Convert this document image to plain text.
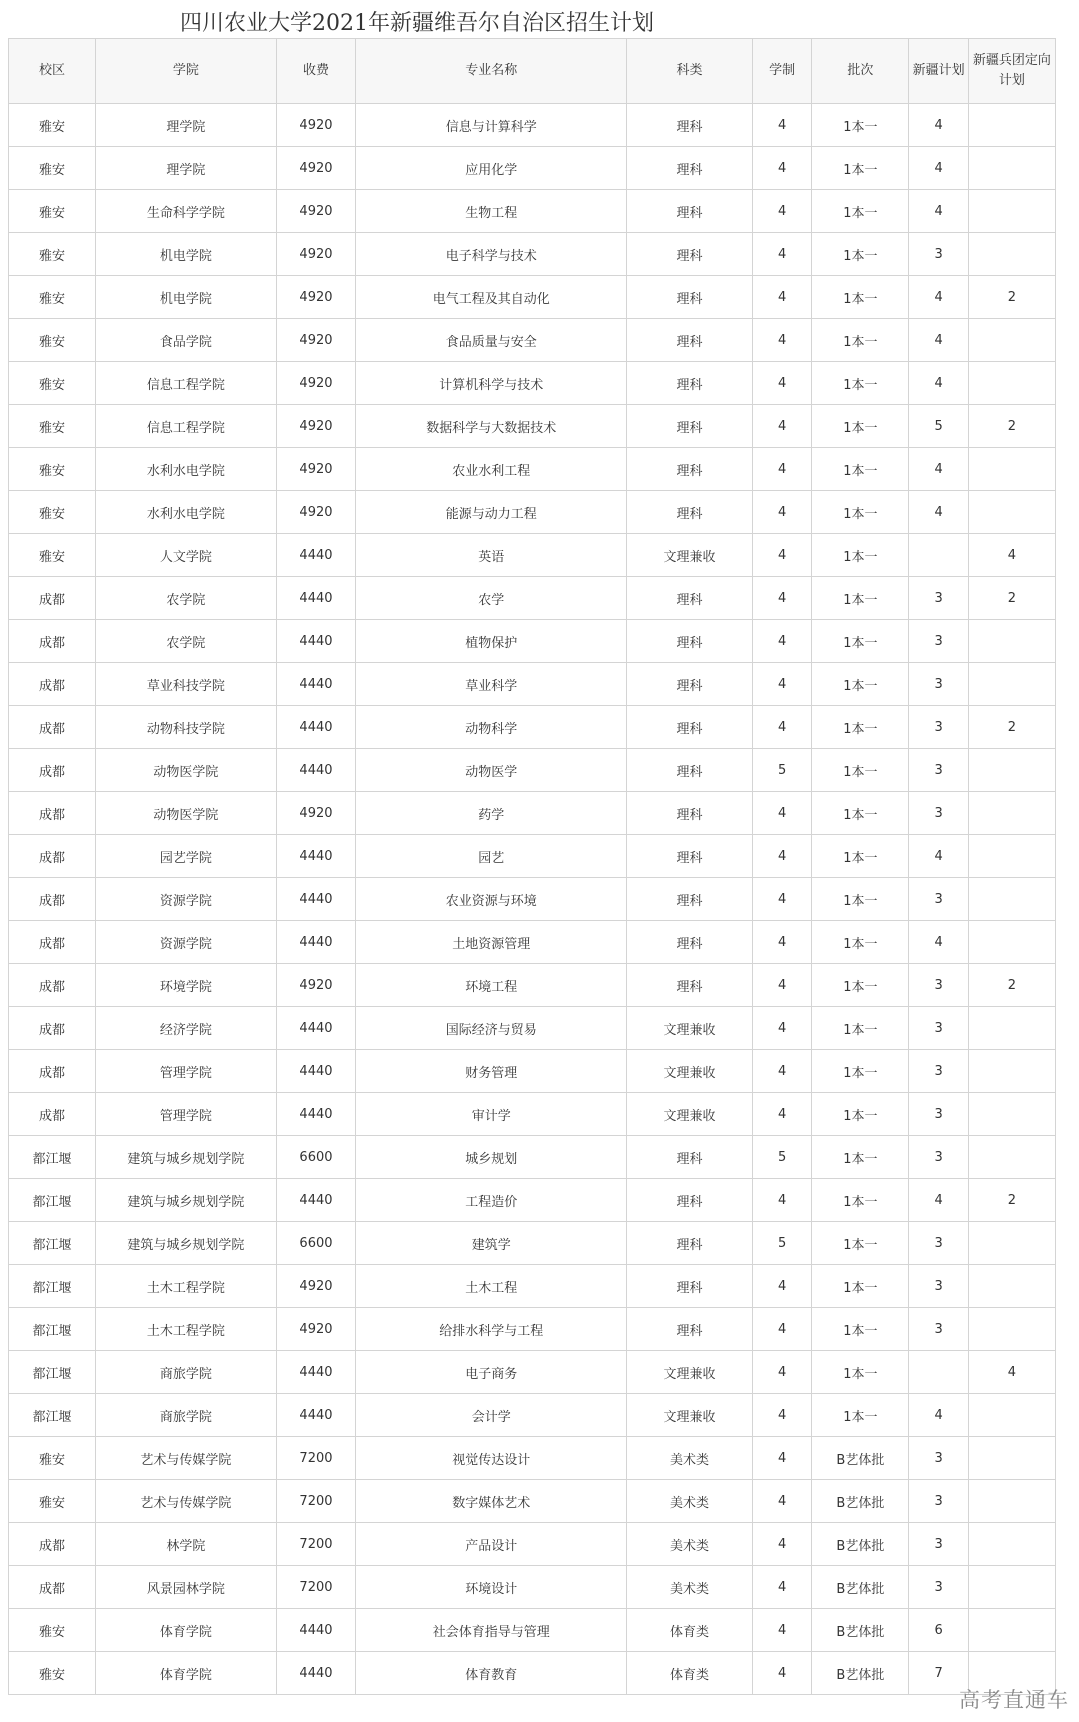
四川农业大学2021年新疆维吾尔自治区招生计划
校区	学院	收费	专业名称	科类	学制	批次	新疆计划	新疆兵团定向计划
雅安	理学院	4920	信息与计算科学	理科	4	1本一	4	
雅安	理学院	4920	应用化学	理科	4	1本一	4	
雅安	生命科学学院	4920	生物工程	理科	4	1本一	4	
雅安	机电学院	4920	电子科学与技术	理科	4	1本一	3	
雅安	机电学院	4920	电气工程及其自动化	理科	4	1本一	4	2
雅安	食品学院	4920	食品质量与安全	理科	4	1本一	4	
雅安	信息工程学院	4920	计算机科学与技术	理科	4	1本一	4	
雅安	信息工程学院	4920	数据科学与大数据技术	理科	4	1本一	5	2
雅安	水利水电学院	4920	农业水利工程	理科	4	1本一	4	
雅安	水利水电学院	4920	能源与动力工程	理科	4	1本一	4	
雅安	人文学院	4440	英语	文理兼收	4	1本一		4
成都	农学院	4440	农学	理科	4	1本一	3	2
成都	农学院	4440	植物保护	理科	4	1本一	3	
成都	草业科技学院	4440	草业科学	理科	4	1本一	3	
成都	动物科技学院	4440	动物科学	理科	4	1本一	3	2
成都	动物医学院	4440	动物医学	理科	5	1本一	3	
成都	动物医学院	4920	药学	理科	4	1本一	3	
成都	园艺学院	4440	园艺	理科	4	1本一	4	
成都	资源学院	4440	农业资源与环境	理科	4	1本一	3	
成都	资源学院	4440	土地资源管理	理科	4	1本一	4	
成都	环境学院	4920	环境工程	理科	4	1本一	3	2
成都	经济学院	4440	国际经济与贸易	文理兼收	4	1本一	3	
成都	管理学院	4440	财务管理	文理兼收	4	1本一	3	
成都	管理学院	4440	审计学	文理兼收	4	1本一	3	
都江堰	建筑与城乡规划学院	6600	城乡规划	理科	5	1本一	3	
都江堰	建筑与城乡规划学院	4440	工程造价	理科	4	1本一	4	2
都江堰	建筑与城乡规划学院	6600	建筑学	理科	5	1本一	3	
都江堰	土木工程学院	4920	土木工程	理科	4	1本一	3	
都江堰	土木工程学院	4920	给排水科学与工程	理科	4	1本一	3	
都江堰	商旅学院	4440	电子商务	文理兼收	4	1本一		4
都江堰	商旅学院	4440	会计学	文理兼收	4	1本一	4	
雅安	艺术与传媒学院	7200	视觉传达设计	美术类	4	B艺体批	3	
雅安	艺术与传媒学院	7200	数字媒体艺术	美术类	4	B艺体批	3	
成都	林学院	7200	产品设计	美术类	4	B艺体批	3	
成都	风景园林学院	7200	环境设计	美术类	4	B艺体批	3	
雅安	体育学院	4440	社会体育指导与管理	体育类	4	B艺体批	6	
雅安	体育学院	4440	体育教育	体育类	4	B艺体批	7	
高考直通车
